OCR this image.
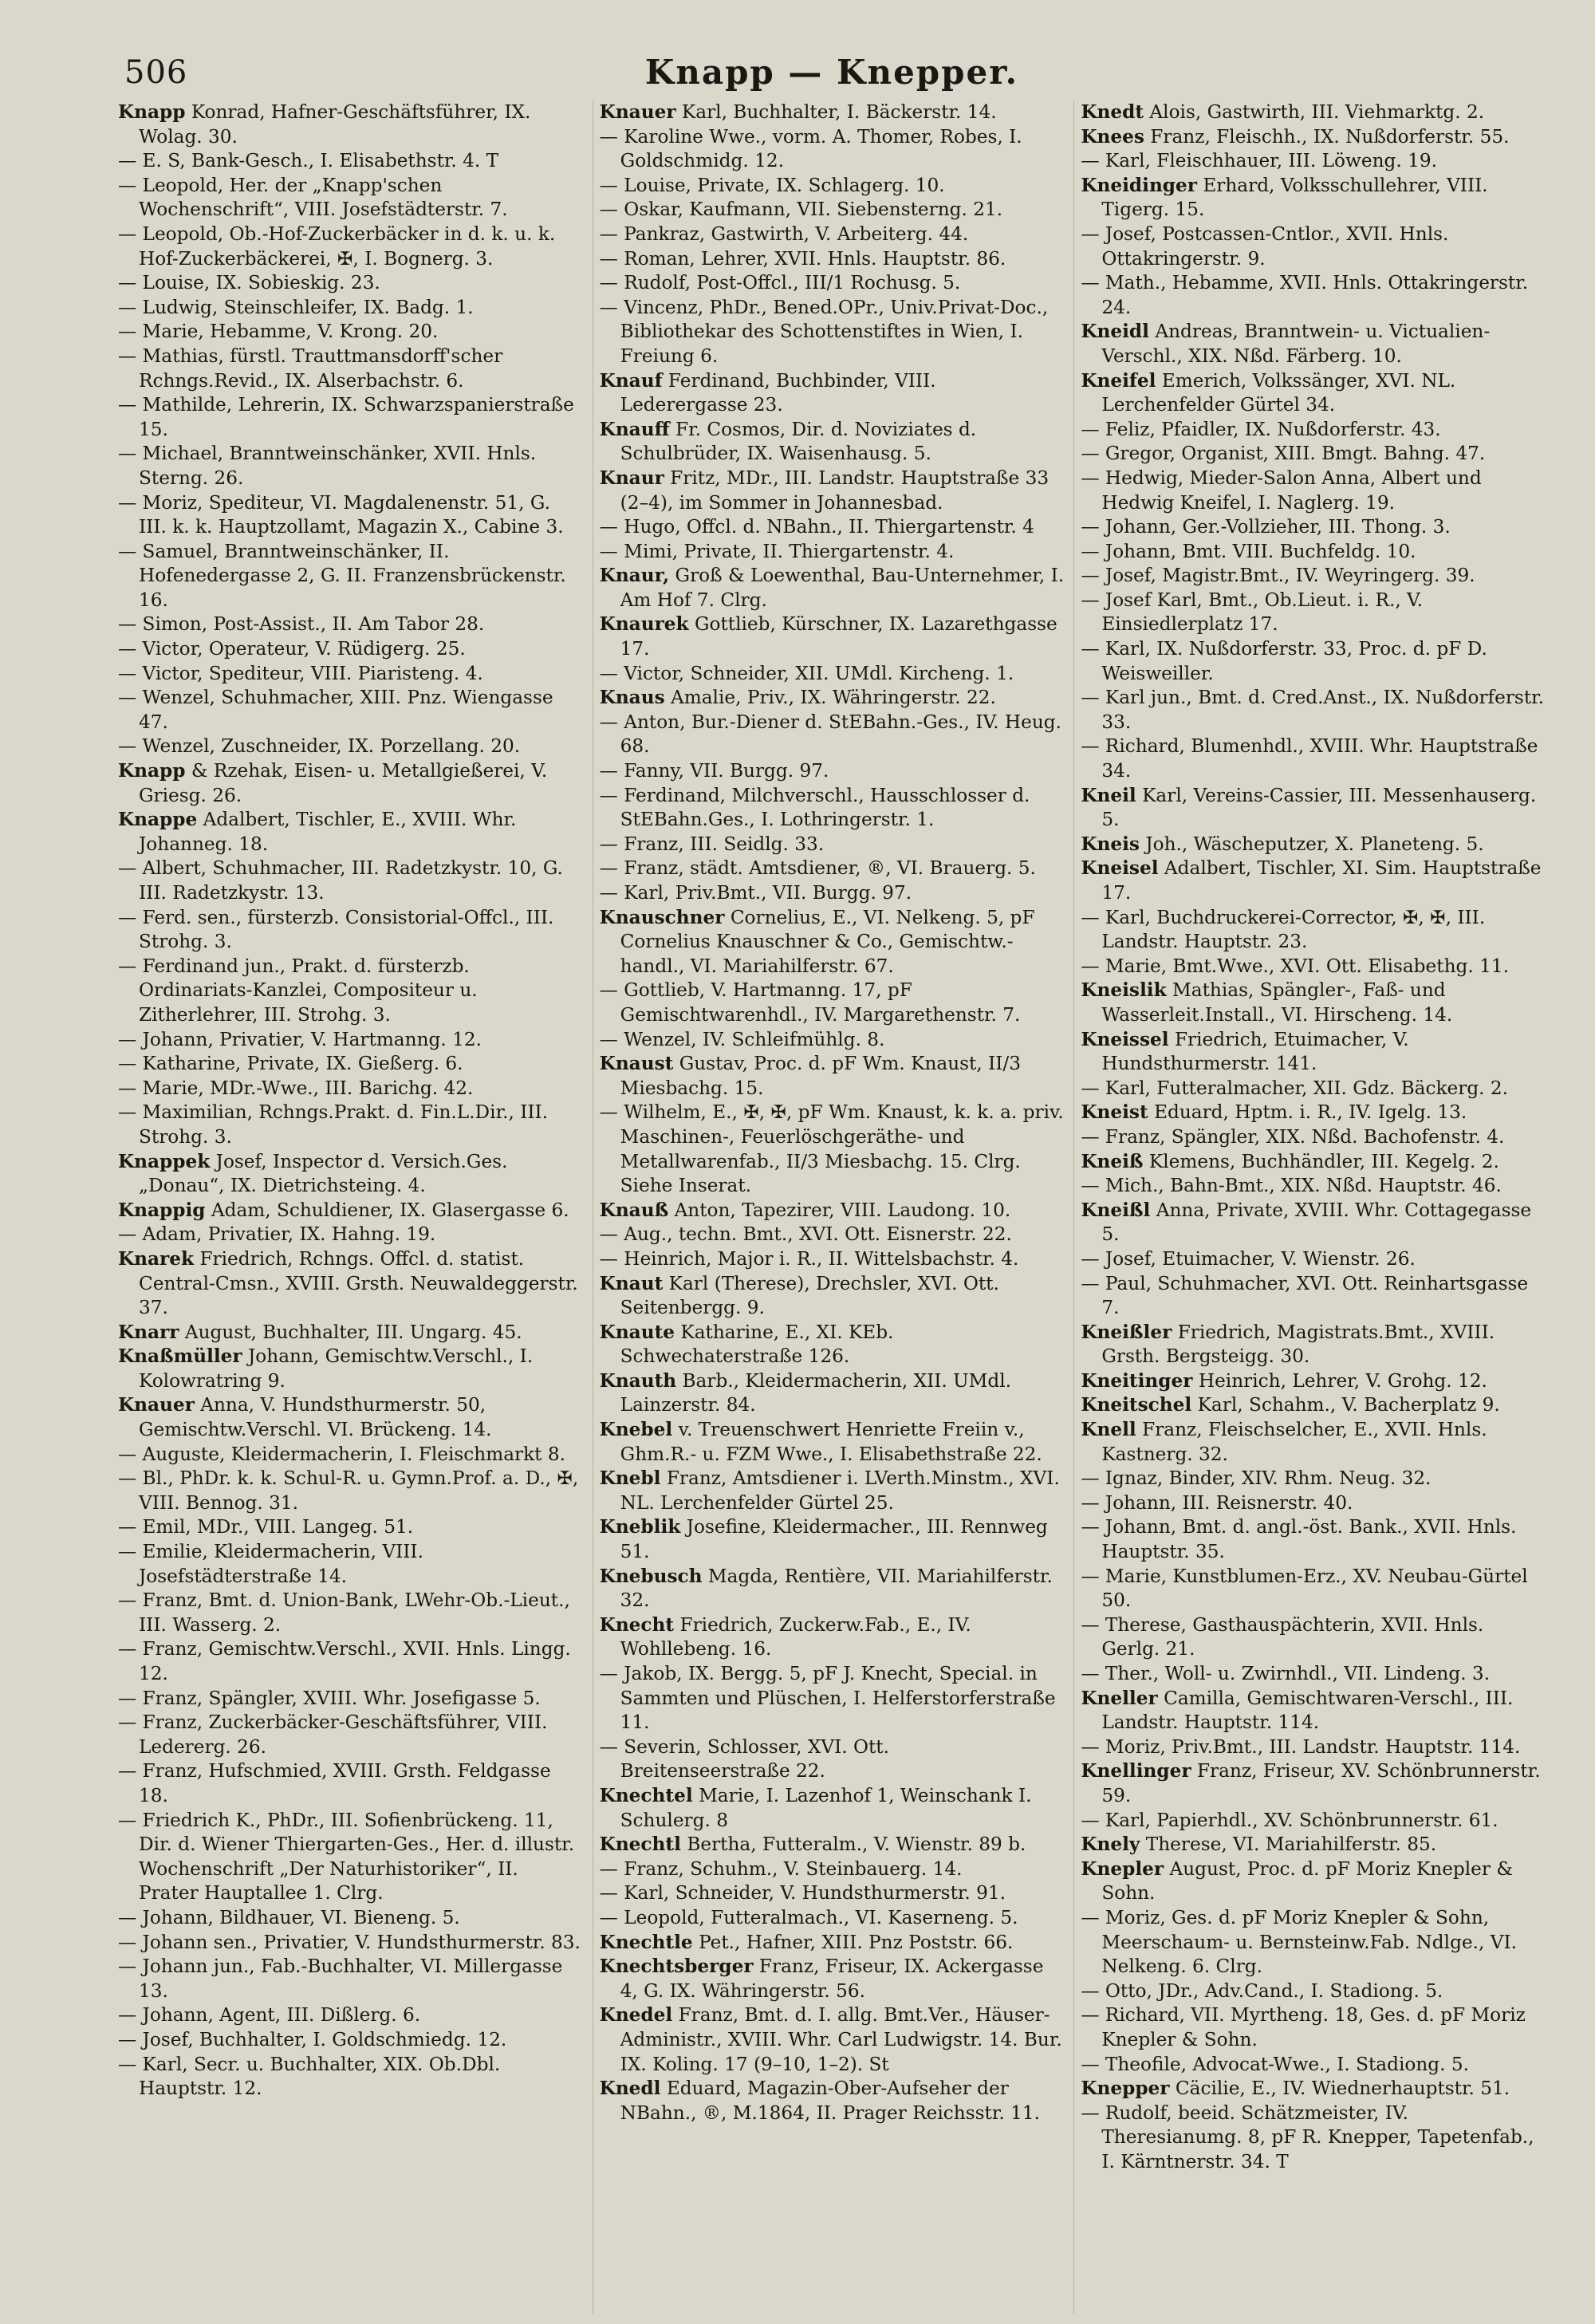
506	Knapp — Knepper.

Knapp Konrad, Hafner-Geschäftsführer, IX. Wolag. 30.

— E. S, Bank-Gesch., I. Elisabethstr. 4. T

— Leopold, Her. der „Knapp'schen Wochenschrift“, VIII. Josefstädterstr. 7.

— Leopold, Ob.-Hof-Zuckerbäcker in d. k. u. k. Hof-Zuckerbäckerei, ✠, I. Bognerg. 3.

— Louise, IX. Sobieskig. 23.

— Ludwig, Steinschleifer, IX. Badg. 1.

— Marie, Hebamme, V. Krong. 20.

— Mathias, fürstl. Trauttmansdorff'scher Rchngs.Revid., IX. Alserbachstr. 6.

— Mathilde, Lehrerin, IX. Schwarzspanierstraße 15.

— Michael, Branntweinschänker, XVII. Hnls. Sterng. 26.

— Moriz, Spediteur, VI. Magdalenenstr. 51, G. III. k. k. Hauptzollamt, Magazin X., Cabine 3.

— Samuel, Branntweinschänker, II. Hofenedergasse 2, G. II. Franzensbrückenstr. 16.

— Simon, Post-Assist., II. Am Tabor 28.

— Victor, Operateur, V. Rüdigerg. 25.

— Victor, Spediteur, VIII. Piaristeng. 4.

— Wenzel, Schuhmacher, XIII. Pnz. Wiengasse 47.

— Wenzel, Zuschneider, IX. Porzellang. 20.

Knapp & Rzehak, Eisen- u. Metallgießerei, V. Griesg. 26.

Knappe Adalbert, Tischler, E., XVIII. Whr. Johanneg. 18.

— Albert, Schuhmacher, III. Radetzkystr. 10, G. III. Radetzkystr. 13.

— Ferd. sen., fürsterzb. Consistorial-Offcl., III. Strohg. 3.

— Ferdinand jun., Prakt. d. fürsterzb. Ordinariats-Kanzlei, Compositeur u. Zitherlehrer, III. Strohg. 3.

— Johann, Privatier, V. Hartmanng. 12.

— Katharine, Private, IX. Gießerg. 6.

— Marie, MDr.-Wwe., III. Barichg. 42.

— Maximilian, Rchngs.Prakt. d. Fin.L.Dir., III. Strohg. 3.

Knappek Josef, Inspector d. Versich.Ges. „Donau“, IX. Dietrichsteing. 4.

Knappig Adam, Schuldiener, IX. Glasergasse 6.

— Adam, Privatier, IX. Hahng. 19.

Knarek Friedrich, Rchngs. Offcl. d. statist. Central-Cmsn., XVIII. Grsth. Neuwaldeggerstr. 37.

Knarr August, Buchhalter, III. Ungarg. 45.

Knaßmüller Johann, Gemischtw.Verschl., I. Kolowratring 9.

Knauer Anna, V. Hundsthurmerstr. 50, Gemischtw.Verschl. VI. Brückeng. 14.

— Auguste, Kleidermacherin, I. Fleischmarkt 8.

— Bl., PhDr. k. k. Schul-R. u. Gymn.Prof. a. D., ✠, VIII. Bennog. 31.

— Emil, MDr., VIII. Langeg. 51.

— Emilie, Kleidermacherin, VIII. Josefstädterstraße 14.

— Franz, Bmt. d. Union-Bank, LWehr-Ob.-Lieut., III. Wasserg. 2.

— Franz, Gemischtw.Verschl., XVII. Hnls. Lingg. 12.

— Franz, Spängler, XVIII. Whr. Josefigasse 5.

— Franz, Zuckerbäcker-Geschäftsführer, VIII. Ledererg. 26.

— Franz, Hufschmied, XVIII. Grsth. Feldgasse 18.

— Friedrich K., PhDr., III. Sofienbrückeng. 11, Dir. d. Wiener Thiergarten-Ges., Her. d. illustr. Wochenschrift „Der Naturhistoriker“, II. Prater Hauptallee 1. Clrg.

— Johann, Bildhauer, VI. Bieneng. 5.

— Johann sen., Privatier, V. Hundsthurmerstr. 83.

— Johann jun., Fab.-Buchhalter, VI. Millergasse 13.

— Johann, Agent, III. Dißlerg. 6.

— Josef, Buchhalter, I. Goldschmiedg. 12.

— Karl, Secr. u. Buchhalter, XIX. Ob.Dbl. Hauptstr. 12.

Knauer Karl, Buchhalter, I. Bäckerstr. 14.

— Karoline Wwe., vorm. A. Thomer, Robes, I. Goldschmidg. 12.

— Louise, Private, IX. Schlagerg. 10.

— Oskar, Kaufmann, VII. Siebensterng. 21.

— Pankraz, Gastwirth, V. Arbeiterg. 44.

— Roman, Lehrer, XVII. Hnls. Hauptstr. 86.

— Rudolf, Post-Offcl., III/1 Rochusg. 5.

— Vincenz, PhDr., Bened.OPr., Univ.Privat-Doc., Bibliothekar des Schottenstiftes in Wien, I. Freiung 6.

Knauf Ferdinand, Buchbinder, VIII. Lederergasse 23.

Knauff Fr. Cosmos, Dir. d. Noviziates d. Schulbrüder, IX. Waisenhausg. 5.

Knaur Fritz, MDr., III. Landstr. Hauptstraße 33 (2–4), im Sommer in Johannesbad.

— Hugo, Offcl. d. NBahn., II. Thiergartenstr. 4

— Mimi, Private, II. Thiergartenstr. 4.

Knaur, Groß & Loewenthal, Bau-Unternehmer, I. Am Hof 7. Clrg.

Knaurek Gottlieb, Kürschner, IX. Lazarethgasse 17.

— Victor, Schneider, XII. UMdl. Kircheng. 1.

Knaus Amalie, Priv., IX. Währingerstr. 22.

— Anton, Bur.-Diener d. StEBahn.-Ges., IV. Heug. 68.

— Fanny, VII. Burgg. 97.

— Ferdinand, Milchverschl., Hausschlosser d. StEBahn.Ges., I. Lothringerstr. 1.

— Franz, III. Seidlg. 33.

— Franz, städt. Amtsdiener, ®, VI. Brauerg. 5.

— Karl, Priv.Bmt., VII. Burgg. 97.

Knauschner Cornelius, E., VI. Nelkeng. 5, pF Cornelius Knauschner & Co., Gemischtw.-handl., VI. Mariahilferstr. 67.

— Gottlieb, V. Hartmanng. 17, pF Gemischtwarenhdl., IV. Margarethenstr. 7.

— Wenzel, IV. Schleifmühlg. 8.

Knaust Gustav, Proc. d. pF Wm. Knaust, II/3 Miesbachg. 15.

— Wilhelm, E., ✠, ✠, pF Wm. Knaust, k. k. a. priv. Maschinen-, Feuerlöschgeräthe- und Metallwarenfab., II/3 Miesbachg. 15. Clrg. Siehe Inserat.

Knauß Anton, Tapezirer, VIII. Laudong. 10.

— Aug., techn. Bmt., XVI. Ott. Eisnerstr. 22.

— Heinrich, Major i. R., II. Wittelsbachstr. 4.

Knaut Karl (Therese), Drechsler, XVI. Ott. Seitenbergg. 9.

Knaute Katharine, E., XI. KEb. Schwechaterstraße 126.

Knauth Barb., Kleidermacherin, XII. UMdl. Lainzerstr. 84.

Knebel v. Treuenschwert Henriette Freiin v., Ghm.R.- u. FZM Wwe., I. Elisabethstraße 22.

Knebl Franz, Amtsdiener i. LVerth.Minstm., XVI. NL. Lerchenfelder Gürtel 25.

Kneblik Josefine, Kleidermacher., III. Rennweg 51.

Knebusch Magda, Rentière, VII. Mariahilferstr. 32.

Knecht Friedrich, Zuckerw.Fab., E., IV. Wohllebeng. 16.

— Jakob, IX. Bergg. 5, pF J. Knecht, Special. in Sammten und Plüschen, I. Helferstorferstraße 11.

— Severin, Schlosser, XVI. Ott. Breitenseerstraße 22.

Knechtel Marie, I. Lazenhof 1, Weinschank I. Schulerg. 8

Knechtl Bertha, Futteralm., V. Wienstr. 89 b.

— Franz, Schuhm., V. Steinbauerg. 14.

— Karl, Schneider, V. Hundsthurmerstr. 91.

— Leopold, Futteralmach., VI. Kaserneng. 5.

Knechtle Pet., Hafner, XIII. Pnz Poststr. 66.

Knechtsberger Franz, Friseur, IX. Ackergasse 4, G. IX. Währingerstr. 56.

Knedel Franz, Bmt. d. I. allg. Bmt.Ver., Häuser-Administr., XVIII. Whr. Carl Ludwigstr. 14. Bur. IX. Koling. 17 (9–10, 1–2). St

Knedl Eduard, Magazin-Ober-Aufseher der NBahn., ®, M.1864, II. Prager Reichsstr. 11.

Knedt Alois, Gastwirth, III. Viehmarktg. 2.

Knees Franz, Fleischh., IX. Nußdorferstr. 55.

— Karl, Fleischhauer, III. Löweng. 19.

Kneidinger Erhard, Volksschullehrer, VIII. Tigerg. 15.

— Josef, Postcassen-Cntlor., XVII. Hnls. Ottakringerstr. 9.

— Math., Hebamme, XVII. Hnls. Ottakringerstr. 24.

Kneidl Andreas, Branntwein- u. Victualien-Verschl., XIX. Nßd. Färberg. 10.

Kneifel Emerich, Volkssänger, XVI. NL. Lerchenfelder Gürtel 34.

— Feliz, Pfaidler, IX. Nußdorferstr. 43.

— Gregor, Organist, XIII. Bmgt. Bahng. 47.

— Hedwig, Mieder-Salon Anna, Albert und Hedwig Kneifel, I. Naglerg. 19.

— Johann, Ger.-Vollzieher, III. Thong. 3.

— Johann, Bmt. VIII. Buchfeldg. 10.

— Josef, Magistr.Bmt., IV. Weyringerg. 39.

— Josef Karl, Bmt., Ob.Lieut. i. R., V. Einsiedlerplatz 17.

— Karl, IX. Nußdorferstr. 33, Proc. d. pF D. Weisweiller.

— Karl jun., Bmt. d. Cred.Anst., IX. Nußdorferstr. 33.

— Richard, Blumenhdl., XVIII. Whr. Hauptstraße 34.

Kneil Karl, Vereins-Cassier, III. Messenhauserg. 5.

Kneis Joh., Wäscheputzer, X. Planeteng. 5.

Kneisel Adalbert, Tischler, XI. Sim. Hauptstraße 17.

— Karl, Buchdruckerei-Corrector, ✠, ✠, III. Landstr. Hauptstr. 23.

— Marie, Bmt.Wwe., XVI. Ott. Elisabethg. 11.

Kneislik Mathias, Spängler-, Faß- und Wasserleit.Install., VI. Hirscheng. 14.

Kneissel Friedrich, Etuimacher, V. Hundsthurmerstr. 141.

— Karl, Futteralmacher, XII. Gdz. Bäckerg. 2.

Kneist Eduard, Hptm. i. R., IV. Igelg. 13.

— Franz, Spängler, XIX. Nßd. Bachofenstr. 4.

Kneiß Klemens, Buchhändler, III. Kegelg. 2.

— Mich., Bahn-Bmt., XIX. Nßd. Hauptstr. 46.

Kneißl Anna, Private, XVIII. Whr. Cottagegasse 5.

— Josef, Etuimacher, V. Wienstr. 26.

— Paul, Schuhmacher, XVI. Ott. Reinhartsgasse 7.

Kneißler Friedrich, Magistrats.Bmt., XVIII. Grsth. Bergsteigg. 30.

Kneitinger Heinrich, Lehrer, V. Grohg. 12.

Kneitschel Karl, Schahm., V. Bacherplatz 9.

Knell Franz, Fleischselcher, E., XVII. Hnls. Kastnerg. 32.

— Ignaz, Binder, XIV. Rhm. Neug. 32.

— Johann, III. Reisnerstr. 40.

— Johann, Bmt. d. angl.-öst. Bank., XVII. Hnls. Hauptstr. 35.

— Marie, Kunstblumen-Erz., XV. Neubau-Gürtel 50.

— Therese, Gasthauspächterin, XVII. Hnls. Gerlg. 21.

— Ther., Woll- u. Zwirnhdl., VII. Lindeng. 3.

Kneller Camilla, Gemischtwaren-Verschl., III. Landstr. Hauptstr. 114.

— Moriz, Priv.Bmt., III. Landstr. Hauptstr. 114.

Knellinger Franz, Friseur, XV. Schönbrunnerstr. 59.

— Karl, Papierhdl., XV. Schönbrunnerstr. 61.

Knely Therese, VI. Mariahilferstr. 85.

Knepler August, Proc. d. pF Moriz Knepler & Sohn.

— Moriz, Ges. d. pF Moriz Knepler & Sohn, Meerschaum- u. Bernsteinw.Fab. Ndlge., VI. Nelkeng. 6. Clrg.

— Otto, JDr., Adv.Cand., I. Stadiong. 5.

— Richard, VII. Myrtheng. 18, Ges. d. pF Moriz Knepler & Sohn.

— Theofile, Advocat-Wwe., I. Stadiong. 5.

Knepper Cäcilie, E., IV. Wiednerhauptstr. 51.

— Rudolf, beeid. Schätzmeister, IV. Theresianumg. 8, pF R. Knepper, Tapetenfab., I. Kärntnerstr. 34. T
